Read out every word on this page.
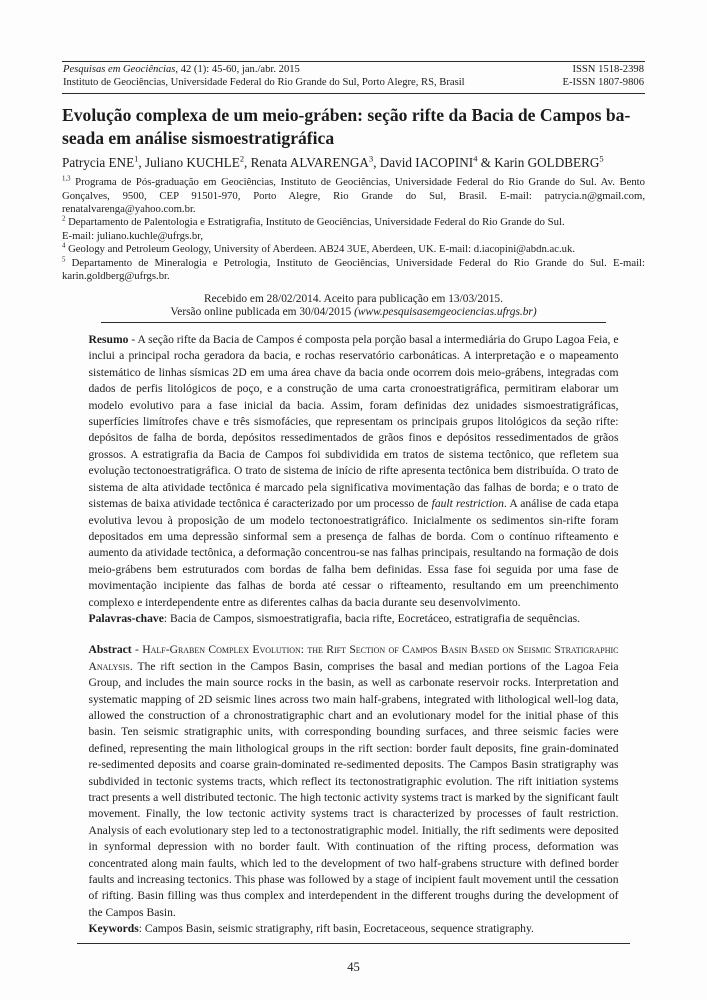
Pesquisas em Geociências, 42 (1): 45-60, jan./abr. 2015
Instituto de Geociências, Universidade Federal do Rio Grande do Sul, Porto Alegre, RS, Brasil
ISSN 1518-2398
E-ISSN 1807-9806
Evolução complexa de um meio-gráben: seção rifte da Bacia de Campos ba-
seada em análise sismoestratigráfica
Patrycia ENE$^1$, Juliano KUCHLE$^2$, Renata ALVARENGA$^3$, David IACOPINI$^4$ & Karin GOLDBERG$^5$
$^{1,3}$ Programa de Pós-graduação em Geociências, Instituto de Geociências, Universidade Federal do Rio Grande do Sul. Av. Bento Gonçalves, 9500, CEP 91501-970, Porto Alegre, Rio Grande do Sul, Brasil. E-mail: patrycia.n@gmail.com, renatalvarenga@yahoo.com.br.
$^2$ Departamento de Palentologia e Estratigrafia, Instituto de Geociências, Universidade Federal do Rio Grande do Sul.
E-mail: juliano.kuchle@ufrgs.br,
$^4$ Geology and Petroleum Geology, University of Aberdeen. AB24 3UE, Aberdeen, UK. E-mail: d.iacopini@abdn.ac.uk.
$^5$ Departamento de Mineralogia e Petrologia, Instituto de Geociências, Universidade Federal do Rio Grande do Sul. E-mail: karin.goldberg@ufrgs.br.
Recebido em 28/02/2014. Aceito para publicação em 13/03/2015.
Versão online publicada em 30/04/2015 (www.pesquisasemgeociencias.ufrgs.br)

Resumo - A seção rifte da Bacia de Campos é composta pela porção basal a intermediária do Grupo Lagoa Feia, e inclui a principal rocha geradora da bacia, e rochas reservatório carbonáticas. A interpretação e o mapeamento sistemático de linhas sísmicas 2D em uma área chave da bacia onde ocorrem dois meio-grábens, integradas com dados de perfis litológicos de poço, e a construção de uma carta cronoestratigráfica, permitiram elaborar um modelo evolutivo para a fase inicial da bacia. Assim, foram definidas dez unidades sismoestratigráficas, superfícies limítrofes chave e três sismofácies, que representam os principais grupos litológicos da seção rifte: depósitos de falha de borda, depósitos ressedimentados de grãos finos e depósitos ressedimentados de grãos grossos. A estratigrafia da Bacia de Campos foi subdividida em tratos de sistema tectônico, que refletem sua evolução tectonoestratigráfica. O trato de sistema de início de rifte apresenta tectônica bem distribuída. O trato de sistema de alta atividade tectônica é marcado pela significativa movimentação das falhas de borda; e o trato de sistemas de baixa atividade tectônica é caracterizado por um processo de fault restriction. A análise de cada etapa evolutiva levou à proposição de um modelo tectonoestratigráfico. Inicialmente os sedimentos sin-rifte foram depositados em uma depressão sinformal sem a presença de falhas de borda. Com o contínuo rifteamento e aumento da atividade tectônica, a deformação concentrou-se nas falhas principais, resultando na formação de dois meio-grábens bem estruturados com bordas de falha bem definidas. Essa fase foi seguida por uma fase de movimentação incipiente das falhas de borda até cessar o rifteamento, resultando em um preenchimento complexo e interdependente entre as diferentes calhas da bacia durante seu desenvolvimento.

Palavras-chave: Bacia de Campos, sismoestratigrafia, bacia rifte, Eocretáceo, estratigrafia de sequências.

Abstract - Half-Graben Complex Evolution: the Rift Section of Campos Basin Based on Seismic Stratigraphic Analysis. The rift section in the Campos Basin, comprises the basal and median portions of the Lagoa Feia Group, and includes the main source rocks in the basin, as well as carbonate reservoir rocks. Interpretation and systematic mapping of 2D seismic lines across two main half-grabens, integrated with lithological well-log data, allowed the construction of a chronostratigraphic chart and an evolutionary model for the initial phase of this basin. Ten seismic stratigraphic units, with corresponding bounding surfaces, and three seismic facies were defined, representing the main lithological groups in the rift section: border fault deposits, fine grain-dominated re-sedimented deposits and coarse grain-dominated re-sedimented deposits. The Campos Basin stratigraphy was subdivided in tectonic systems tracts, which reflect its tectonostratigraphic evolution. The rift initiation systems tract presents a well distributed tectonic. The high tectonic activity systems tract is marked by the significant fault movement. Finally, the low tectonic activity systems tract is characterized by processes of fault restriction. Analysis of each evolutionary step led to a tectonostratigraphic model. Initially, the rift sediments were deposited in synformal depression with no border fault. With continuation of the rifting process, deformation was concentrated along main faults, which led to the development of two half-grabens structure with defined border faults and increasing tectonics. This phase was followed by a stage of incipient fault movement until the cessation of rifting. Basin filling was thus complex and interdependent in the different troughs during the development of the Campos Basin.

Keywords: Campos Basin, seismic stratigraphy, rift basin, Eocretaceous, sequence stratigraphy.

45
